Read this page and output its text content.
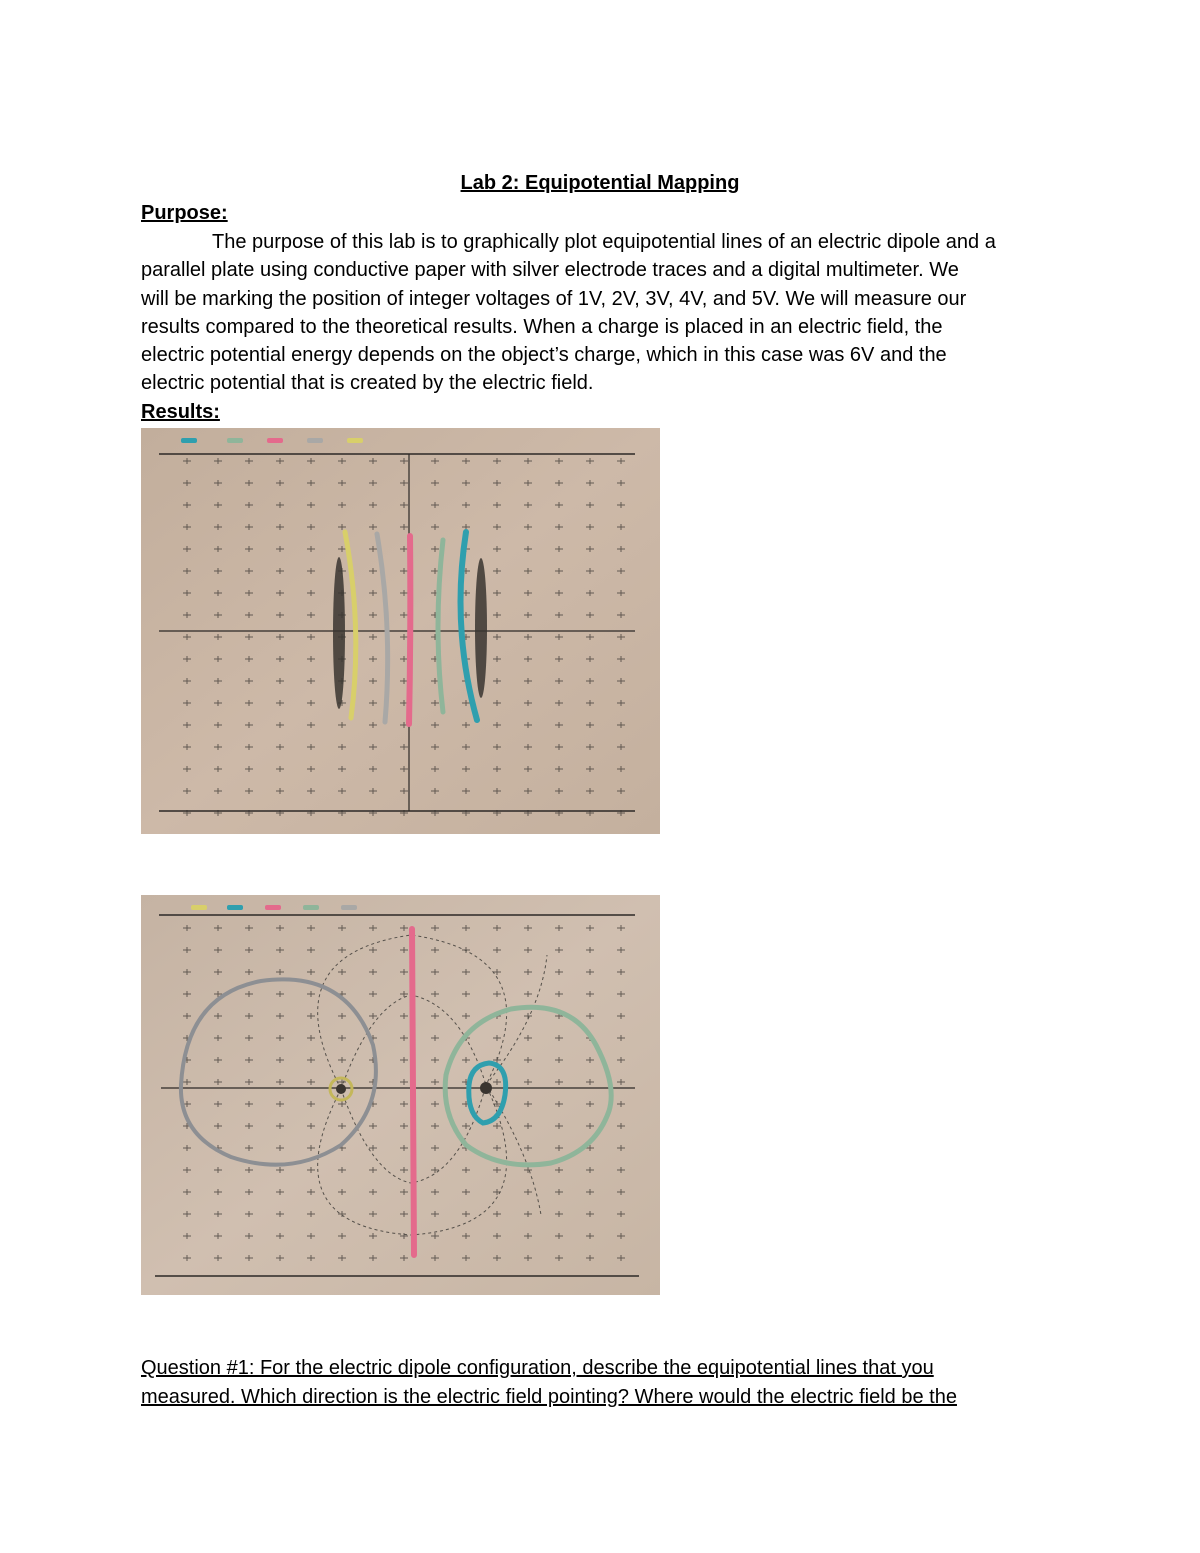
Lab 2: Equipotential Mapping
Purpose:
The purpose of this lab is to graphically plot equipotential lines of an electric dipole and a
parallel plate using conductive paper with silver electrode traces and a digital multimeter. We
will be marking the position of integer voltages of 1V, 2V, 3V, 4V, and 5V. We will measure our
results compared to the theoretical results. When a charge is placed in an electric field, the
electric potential energy depends on the object’s charge, which in this case was 6V and the
electric potential that is created by the electric field.
Results:
Question #1: For the electric dipole configuration, describe the equipotential lines that you
measured. Which direction is the electric field pointing? Where would the electric field be the
